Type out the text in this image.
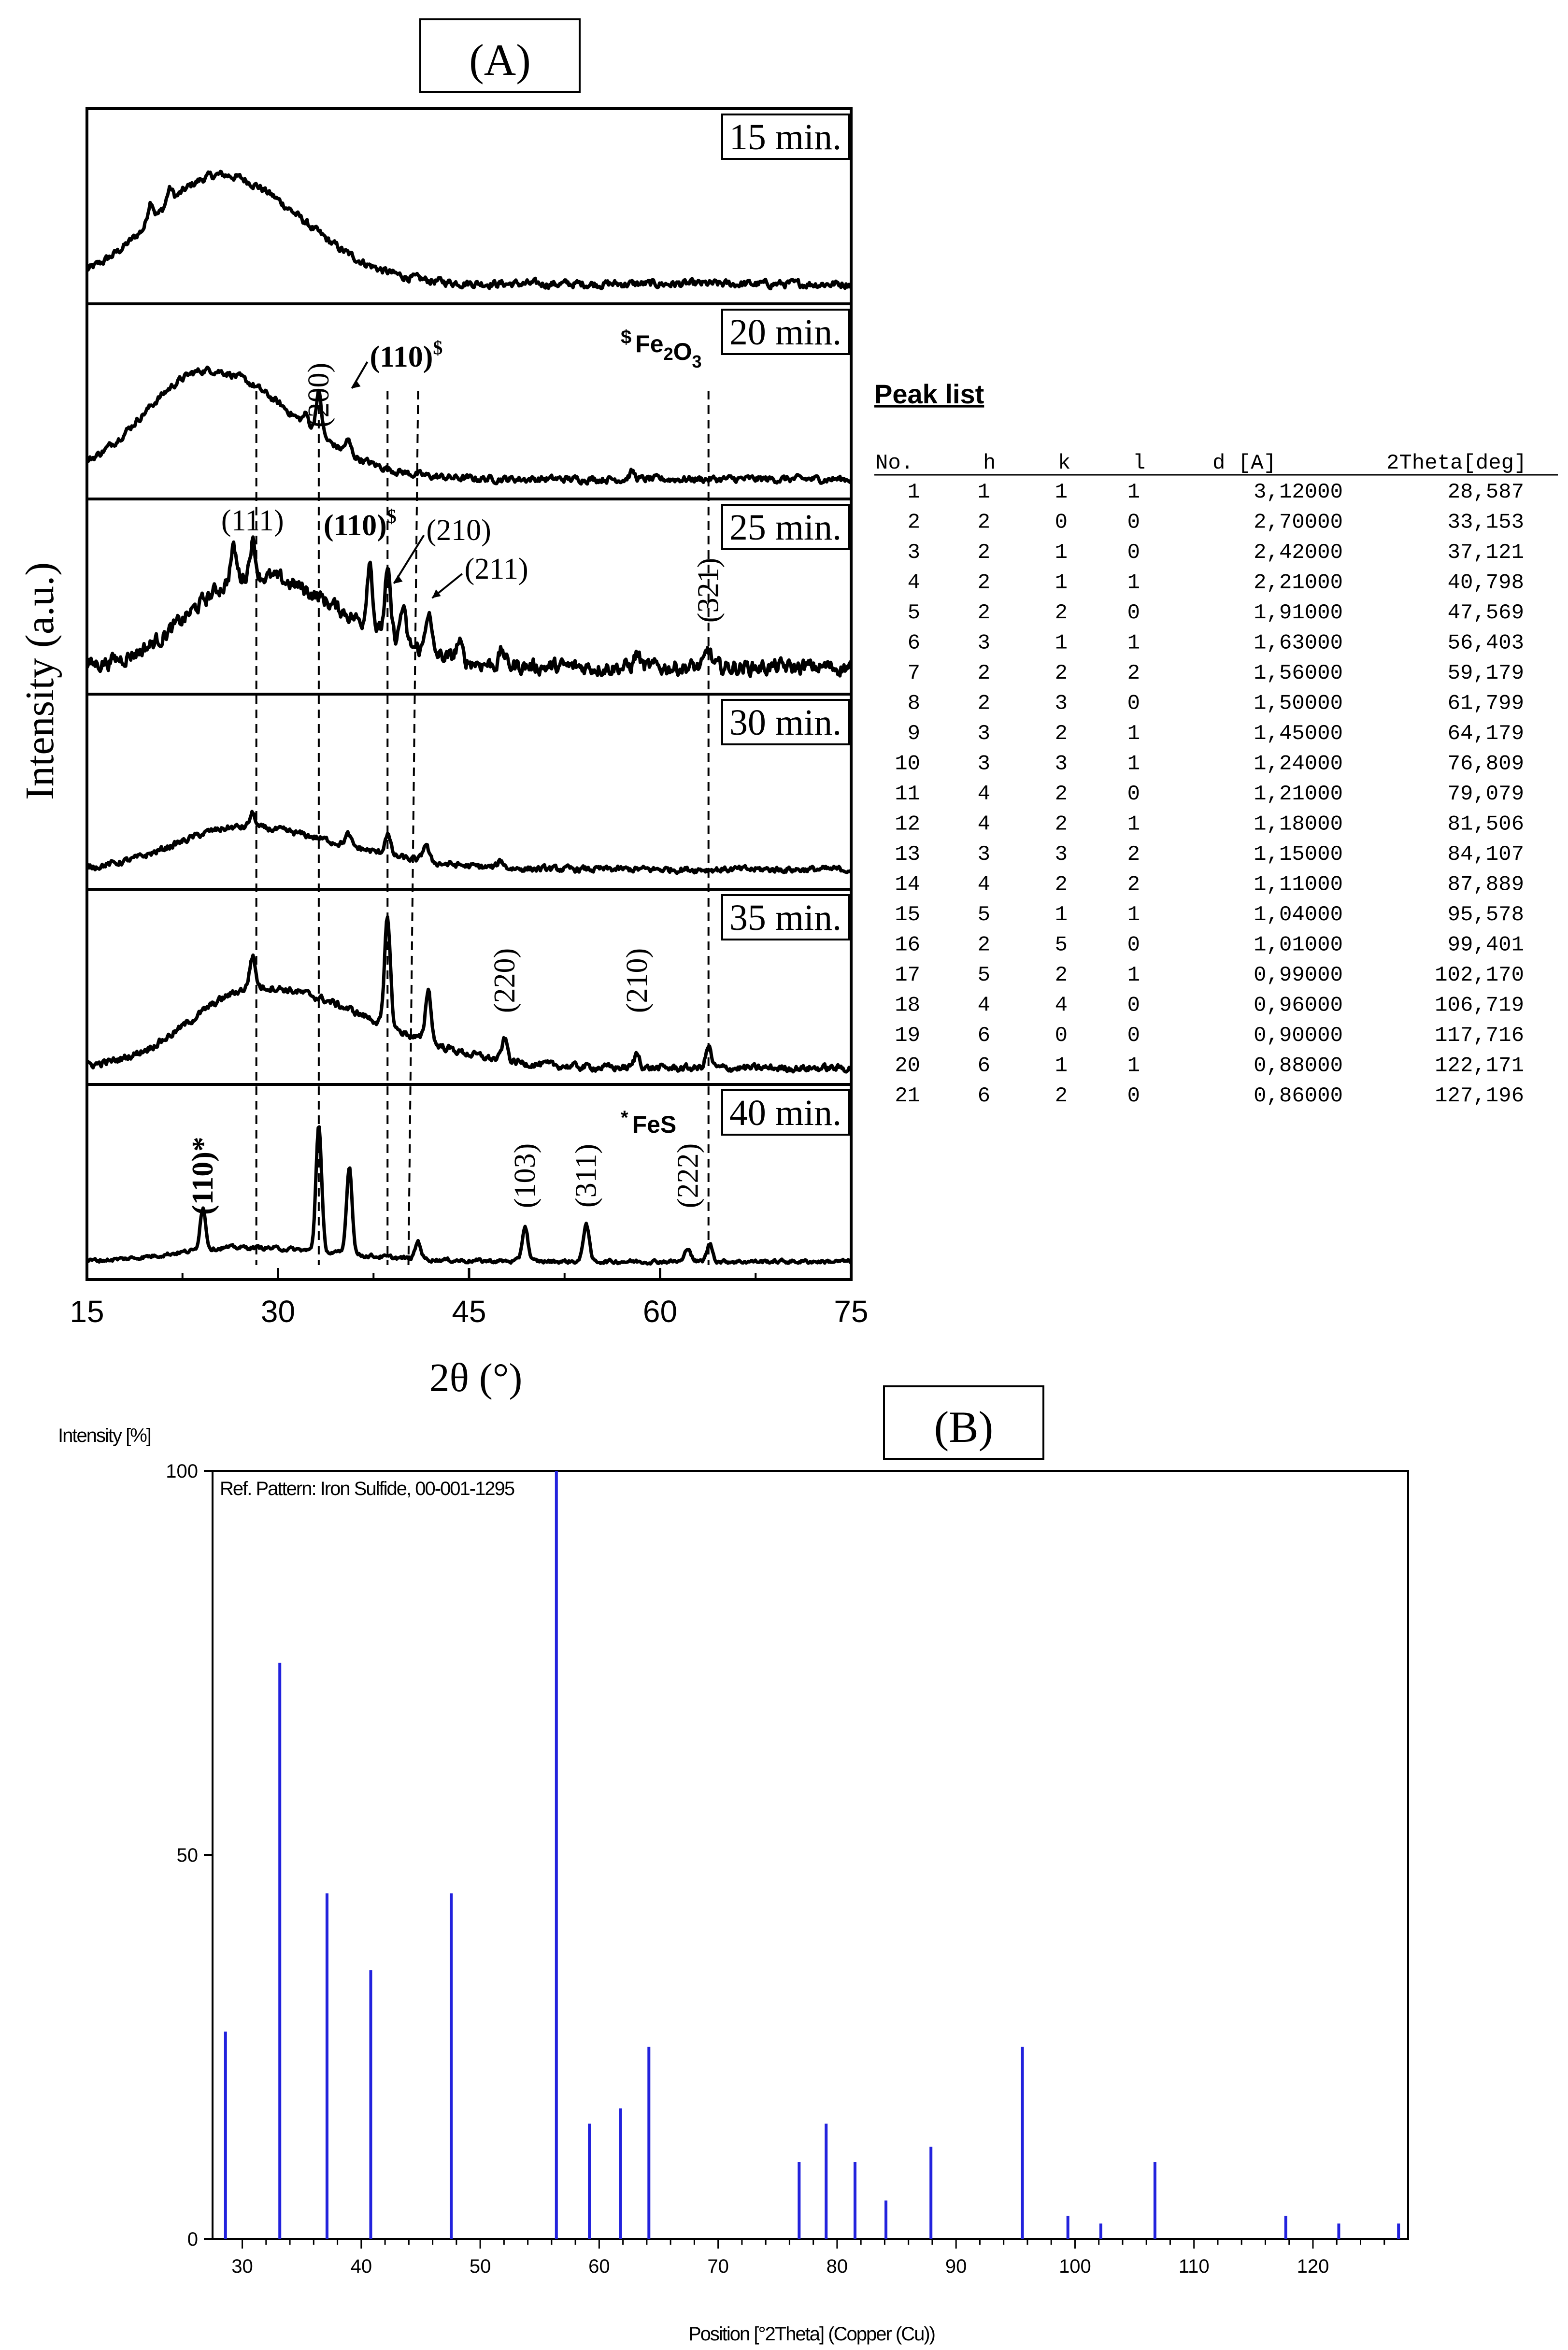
(A)
15 min.
20 min.
$ $Fe_2O_3$
25 min.
30 min.
35 min.
40 min.
* FeS
(200)
(110)$
(111) (110)$ (210)
(211)	(321)
(220)	(210)
(110)*	(103) (311) (222)
15	30	45	60	75
Intensity (a.u.)
2θ (°)
Peak list
No.	h	k	l	d [A]	2Theta[deg]
1	1	1	1	3,12000	28,587
2	2	0	0	2,70000	33,153
3	2	1	0	2,42000	37,121
4	2	1	1	2,21000	40,798
5	2	2	0	1,91000	47,569
6	3	1	1	1,63000	56,403
7	2	2	2	1,56000	59,179
8	2	3	0	1,50000	61,799
9	3	2	1	1,45000	64,179
10	3	3	1	1,24000	76,809
11	4	2	0	1,21000	79,079
12	4	2	1	1,18000	81,506
13	3	3	2	1,15000	84,107
14	4	2	2	1,11000	87,889
15	5	1	1	1,04000	95,578
16	2	5	0	1,01000	99,401
17	5	2	1	0,99000	102,170
18	4	4	0	0,96000	106,719
19	6	0	0	0,90000	117,716
20	6	1	1	0,88000	122,171
21	6	2	0	0,86000	127,196
(B)
Intensity [%]
Ref. Pattern: Iron Sulfide, 00-001-1295
0
50
100
30	40	50	60	70	80	90	100	110	120
Position [°2Theta] (Copper (Cu))
